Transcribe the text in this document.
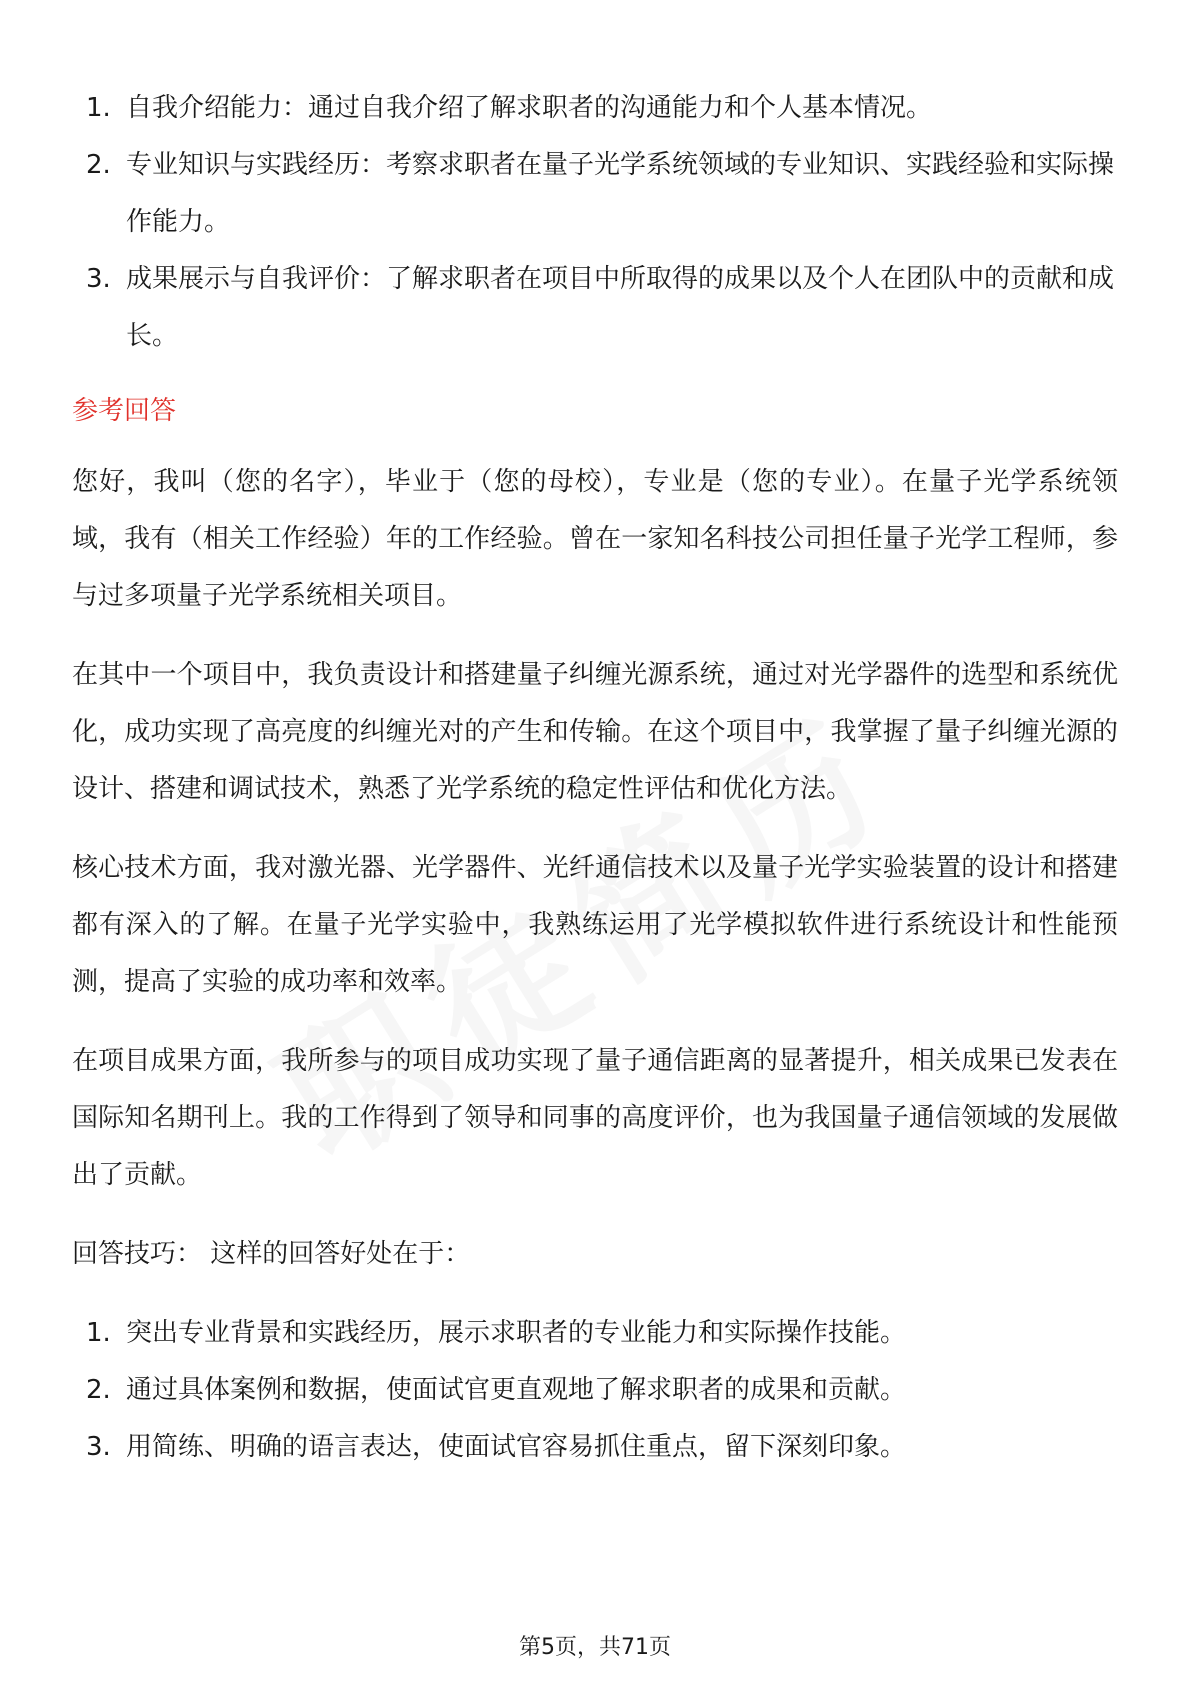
1. 自我介绍能力：通过自我介绍了解求职者的沟通能力和个人基本情况。
2. 专业知识与实践经历：考察求职者在量子光学系统领域的专业知识、实践经验和实际操作能力。
3. 成果展示与自我评价：了解求职者在项目中所取得的成果以及个人在团队中的贡献和成长。
参考回答

您好，我叫（您的名字），毕业于（您的母校），专业是（您的专业）。在量子光学系统领域，我有（相关工作经验）年的工作经验。曾在一家知名科技公司担任量子光学工程师，参与过多项量子光学系统相关项目。

在其中一个项目中，我负责设计和搭建量子纠缠光源系统，通过对光学器件的选型和系统优化，成功实现了高亮度的纠缠光对的产生和传输。在这个项目中，我掌握了量子纠缠光源的设计、搭建和调试技术，熟悉了光学系统的稳定性评估和优化方法。

核心技术方面，我对激光器、光学器件、光纤通信技术以及量子光学实验装置的设计和搭建都有深入的了解。在量子光学实验中，我熟练运用了光学模拟软件进行系统设计和性能预测，提高了实验的成功率和效率。

在项目成果方面，我所参与的项目成功实现了量子通信距离的显著提升，相关成果已发表在国际知名期刊上。我的工作得到了领导和同事的高度评价，也为我国量子通信领域的发展做出了贡献。

回答技巧： 这样的回答好处在于：

1. 突出专业背景和实践经历，展示求职者的专业能力和实际操作技能。
2. 通过具体案例和数据，使面试官更直观地了解求职者的成果和贡献。
3. 用简练、明确的语言表达，使面试官容易抓住重点，留下深刻印象。
第5页，共71页
